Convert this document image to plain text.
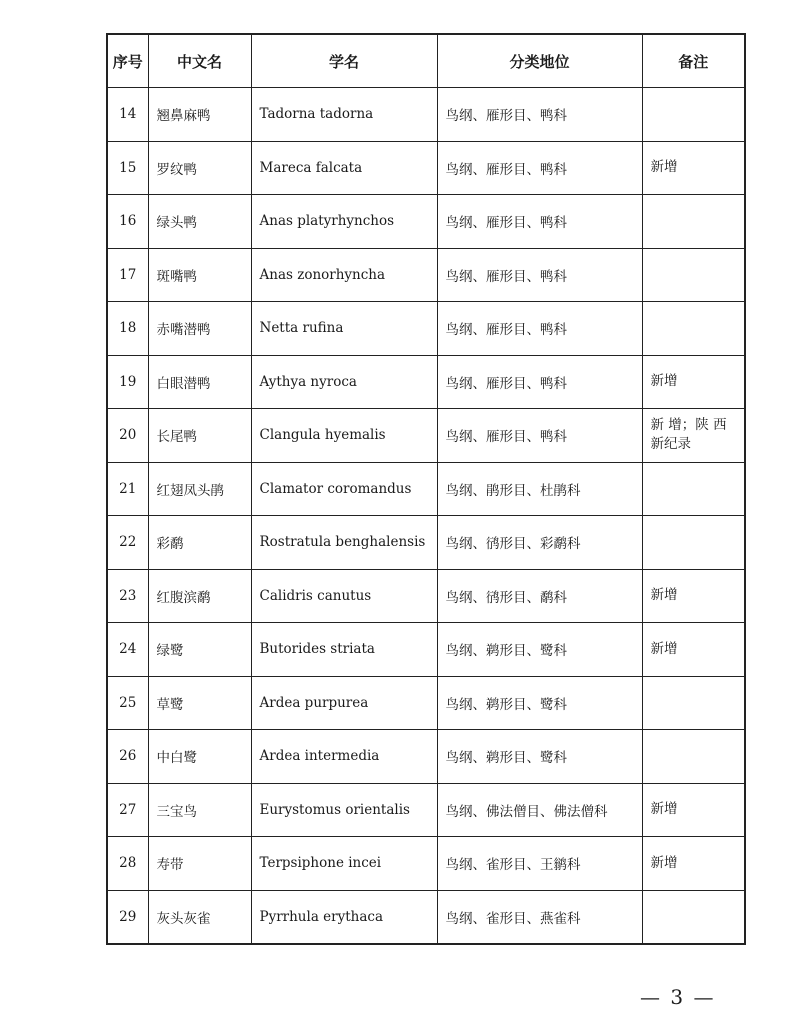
序号	中文名	学名	分类地位	备注
14	翘鼻麻鸭	Tadorna tadorna	鸟纲、雁形目、鸭科	
15	罗纹鸭	Mareca falcata	鸟纲、雁形目、鸭科	新增
16	绿头鸭	Anas platyrhynchos	鸟纲、雁形目、鸭科	
17	斑嘴鸭	Anas zonorhyncha	鸟纲、雁形目、鸭科	
18	赤嘴潜鸭	Netta rufina	鸟纲、雁形目、鸭科	
19	白眼潜鸭	Aythya nyroca	鸟纲、雁形目、鸭科	新增
20	长尾鸭	Clangula hyemalis	鸟纲、雁形目、鸭科	新 增；陕 西 新纪录
21	红翅凤头鹃	Clamator coromandus	鸟纲、鹃形目、杜鹃科	
22	彩鹬	Rostratula benghalensis	鸟纲、鸻形目、彩鹬科	
23	红腹滨鹬	Calidris canutus	鸟纲、鸻形目、鹬科	新增
24	绿鹭	Butorides striata	鸟纲、鹈形目、鹭科	新增
25	草鹭	Ardea purpurea	鸟纲、鹈形目、鹭科	
26	中白鹭	Ardea intermedia	鸟纲、鹈形目、鹭科	
27	三宝鸟	Eurystomus orientalis	鸟纲、佛法僧目、佛法僧科	新增
28	寿带	Terpsiphone incei	鸟纲、雀形目、王鹟科	新增
29	灰头灰雀	Pyrrhula erythaca	鸟纲、雀形目、燕雀科	
— 3 —
